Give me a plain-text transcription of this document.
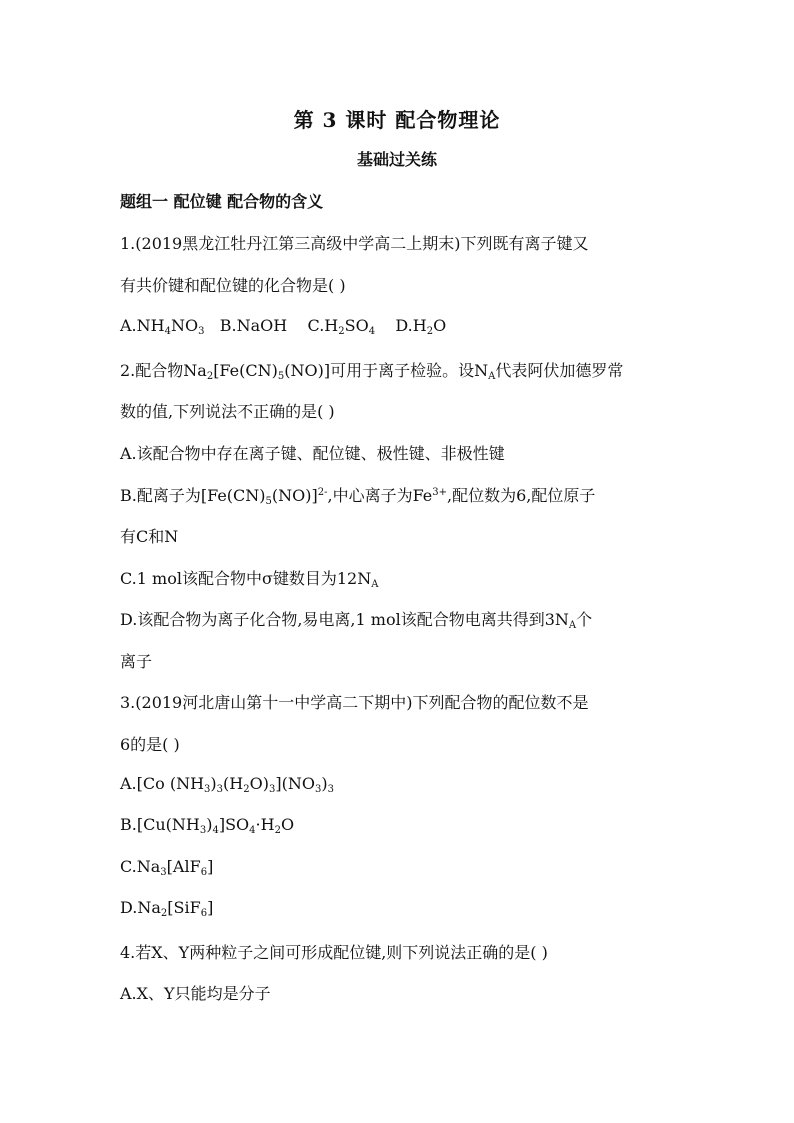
第 3 课时 配合物理论
基础过关练
题组一 配位键 配合物的含义
1.(2019黑龙江牡丹江第三高级中学高二上期末)下列既有离子键又
有共价键和配位键的化合物是( )
$A.NH_4NO_3$ B.NaOH $C.H_2SO_4$ $D.H_2O$
2.配合物$Na_2[Fe(CN)_5(NO)]$可用于离子检验。设$N_A$代表阿伏加德罗常
数的值,下列说法不正确的是( )
A.该配合物中存在离子键、配位键、极性键、非极性键
B.配离子为$[Fe(CN)_5(NO)]^{2-}$,中心离子为$Fe^{3+}$,配位数为6,配位原子
有C和N
C.1 mol该配合物中σ键数目为$12N_A$
D.该配合物为离子化合物,易电离,1 mol该配合物电离共得到$3N_A$个
离子
3.(2019河北唐山第十一中学高二下期中)下列配合物的配位数不是
6的是( )
A.[Co $(NH_3)_3(H_2O)_3](NO_3)_3$
$B.[Cu(NH_3)_4]SO_4\cdot H_2O$
$C.Na_3[AlF_6]$
$D.Na_2[SiF_6]$
4.若X、Y两种粒子之间可形成配位键,则下列说法正确的是( )
A.X、Y只能均是分子
